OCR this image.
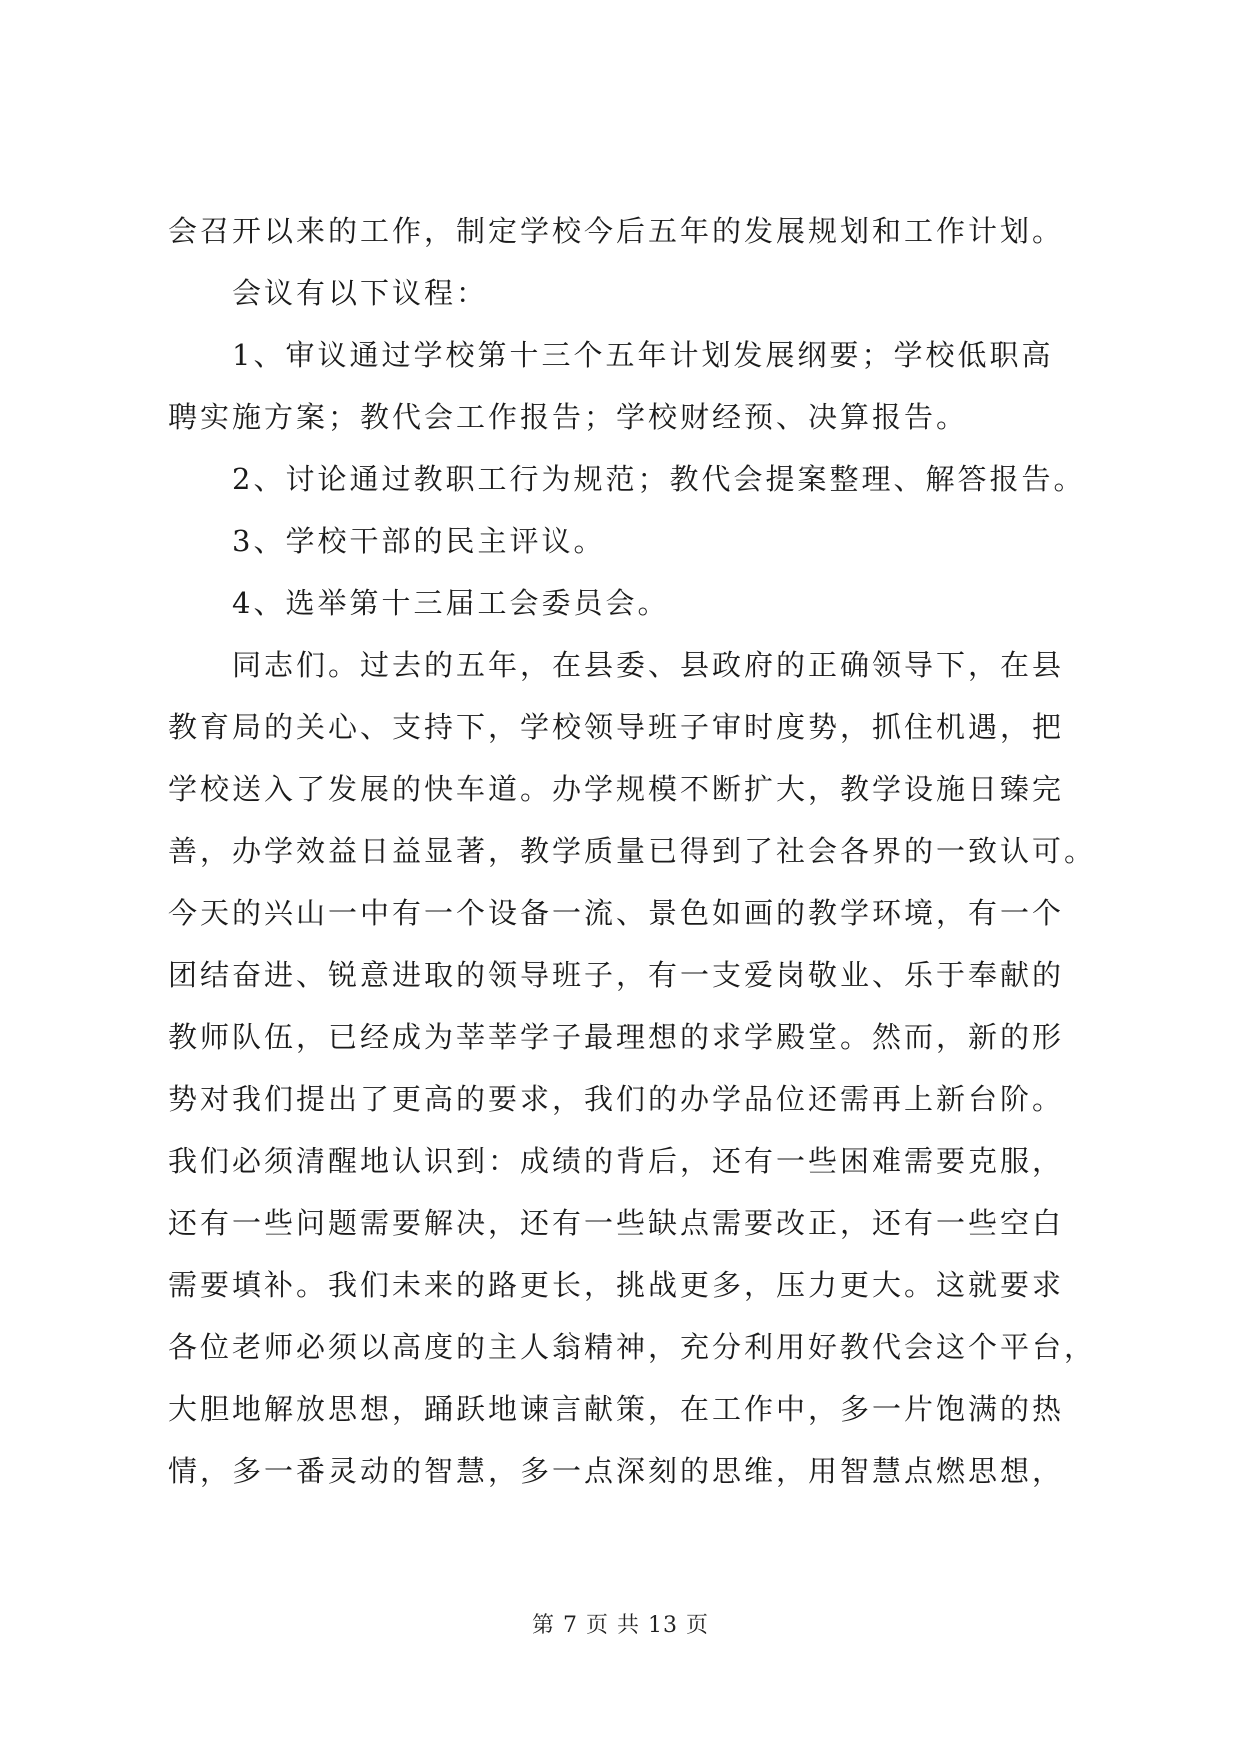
会召开以来的工作，制定学校今后五年的发展规划和工作计划。
会议有以下议程：
1、审议通过学校第十三个五年计划发展纲要；学校低职高
聘实施方案；教代会工作报告；学校财经预、决算报告。
2、讨论通过教职工行为规范；教代会提案整理、解答报告。
3、学校干部的民主评议。
4、选举第十三届工会委员会。
同志们。过去的五年，在县委、县政府的正确领导下，在县
教育局的关心、支持下，学校领导班子审时度势，抓住机遇，把
学校送入了发展的快车道。办学规模不断扩大，教学设施日臻完
善，办学效益日益显著，教学质量已得到了社会各界的一致认可。
今天的兴山一中有一个设备一流、景色如画的教学环境，有一个
团结奋进、锐意进取的领导班子，有一支爱岗敬业、乐于奉献的
教师队伍，已经成为莘莘学子最理想的求学殿堂。然而，新的形
势对我们提出了更高的要求，我们的办学品位还需再上新台阶。
我们必须清醒地认识到：成绩的背后，还有一些困难需要克服，
还有一些问题需要解决，还有一些缺点需要改正，还有一些空白
需要填补。我们未来的路更长，挑战更多，压力更大。这就要求
各位老师必须以高度的主人翁精神，充分利用好教代会这个平台，
大胆地解放思想，踊跃地谏言献策，在工作中，多一片饱满的热
情，多一番灵动的智慧，多一点深刻的思维，用智慧点燃思想，
第 7 页 共 13 页
